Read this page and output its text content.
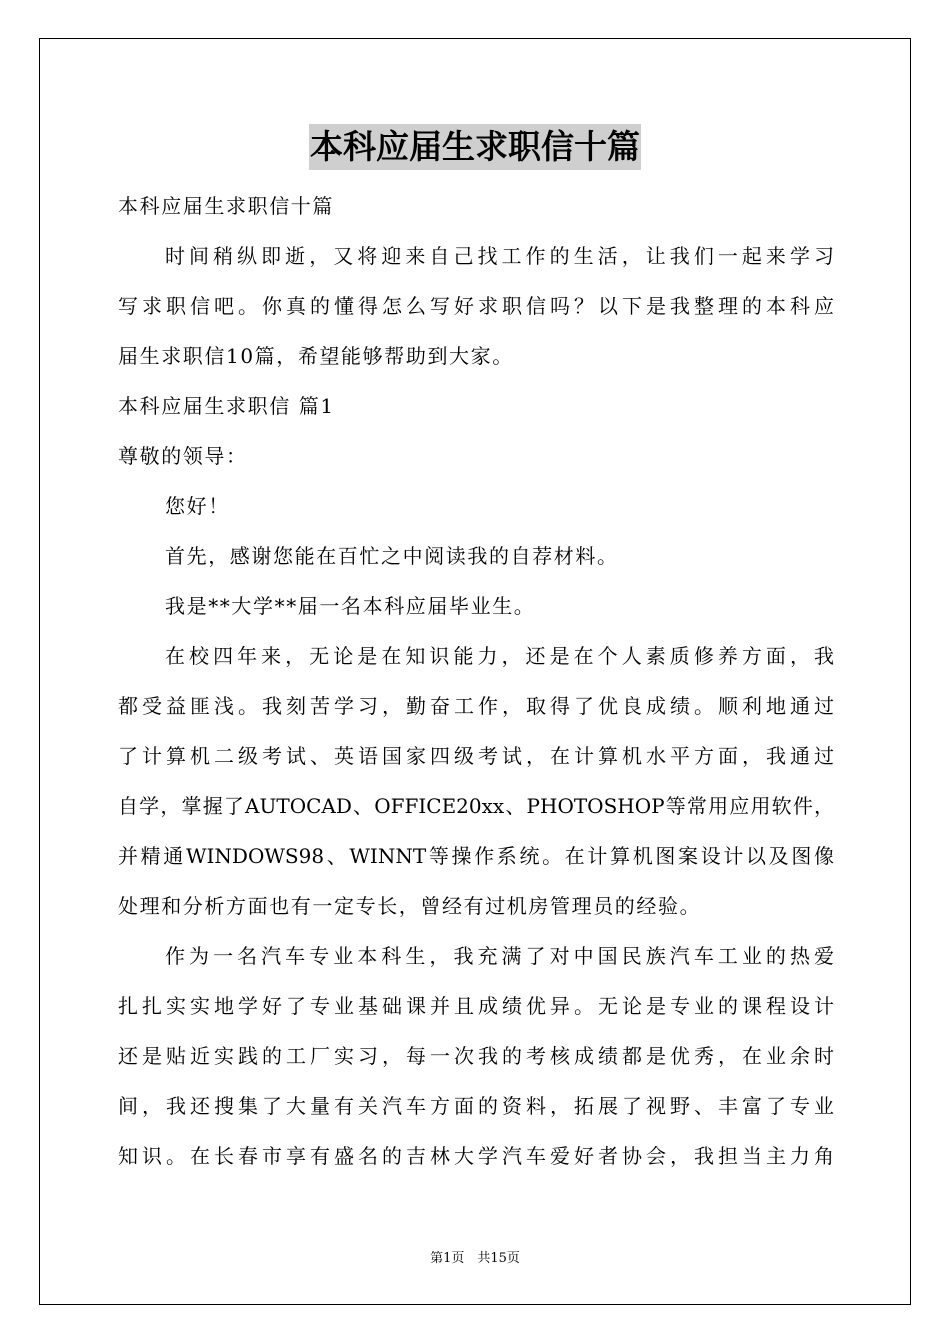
本科应届生求职信十篇
本科应届生求职信十篇
时间稍纵即逝，又将迎来自己找工作的生活，让我们一起来学习
写求职信吧。你真的懂得怎么写好求职信吗？以下是我整理的本科应
届生求职信10篇，希望能够帮助到大家。
本科应届生求职信 篇1
尊敬的领导：
您好！
首先，感谢您能在百忙之中阅读我的自荐材料。
我是**大学**届一名本科应届毕业生。
在校四年来，无论是在知识能力，还是在个人素质修养方面，我
都受益匪浅。我刻苦学习，勤奋工作，取得了优良成绩。顺利地通过
了计算机二级考试、英语国家四级考试，在计算机水平方面，我通过
自学，掌握了AUTOCAD、OFFICE20xx、PHOTOSHOP等常用应用软件，
并精通WINDOWS98、WINNT等操作系统。在计算机图案设计以及图像
处理和分析方面也有一定专长，曾经有过机房管理员的经验。
作为一名汽车专业本科生，我充满了对中国民族汽车工业的热爱
扎扎实实地学好了专业基础课并且成绩优异。无论是专业的课程设计
还是贴近实践的工厂实习，每一次我的考核成绩都是优秀，在业余时
间，我还搜集了大量有关汽车方面的资料，拓展了视野、丰富了专业
知识。在长春市享有盛名的吉林大学汽车爱好者协会，我担当主力角
第1页　共15页
